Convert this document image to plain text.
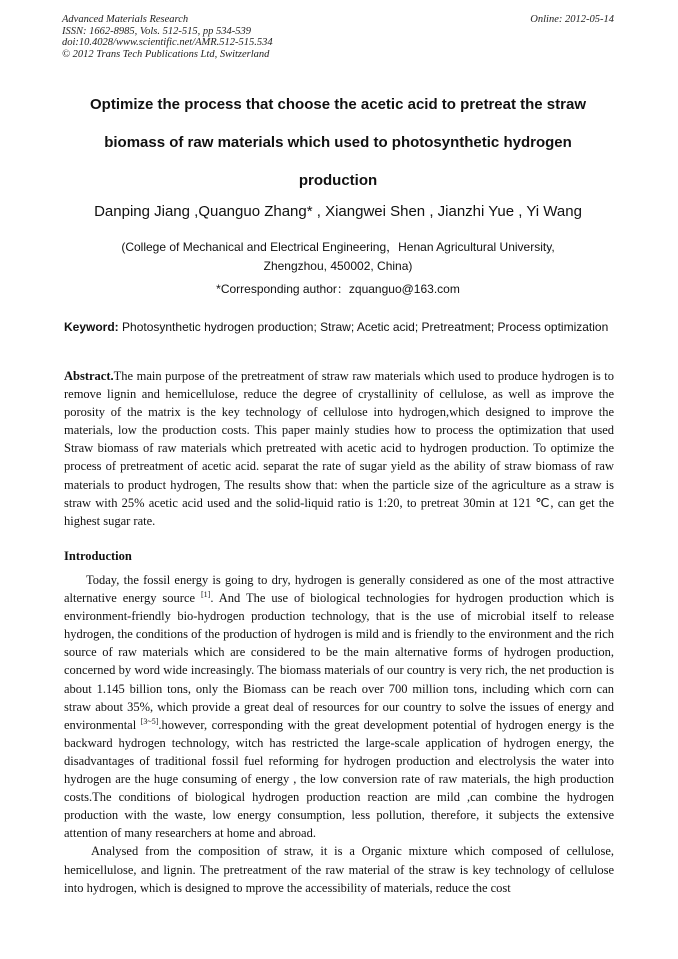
Advanced Materials Research
ISSN: 1662-8985, Vols. 512-515, pp 534-539
doi:10.4028/www.scientific.net/AMR.512-515.534
© 2012 Trans Tech Publications Ltd, Switzerland
Online: 2012-05-14
Optimize the process that choose the acetic acid to pretreat the straw
biomass of raw materials which used to photosynthetic hydrogen
production
Danping Jiang ,Quanguo Zhang* , Xiangwei Shen , Jianzhi Yue , Yi Wang
(College of Mechanical and Electrical Engineering，Henan Agricultural University,
Zhengzhou, 450002, China)
*Corresponding author：zquanguo@163.com
Keyword: Photosynthetic hydrogen production; Straw; Acetic acid; Pretreatment; Process optimization
Abstract.The main purpose of the pretreatment of straw raw materials which used to produce hydrogen is to remove lignin and hemicellulose, reduce the degree of crystallinity of cellulose, as well as improve the porosity of the matrix is the key technology of cellulose into hydrogen,which designed to improve the materials, low the production costs. This paper mainly studies how to process the optimization that used Straw biomass of raw materials which pretreated with acetic acid to hydrogen production. To optimize the process of pretreatment of acetic acid. separat the rate of sugar yield as the ability of straw biomass of raw materials to product hydrogen, The results show that: when the particle size of the agriculture as a straw is straw with 25% acetic acid used and the solid-liquid ratio is 1:20, to pretreat 30min at 121 ℃, can get the highest sugar rate.
Introduction

Today, the fossil energy is going to dry, hydrogen is generally considered as one of the most attractive alternative energy source [1]. And The use of biological technologies for hydrogen production which is environment-friendly bio-hydrogen production technology, that is the use of microbial itself to release hydrogen, the conditions of the production of hydrogen is mild and is friendly to the environment and the rich source of raw materials which are considered to be the main alternative forms of hydrogen production, concerned by word wide increasingly. The biomass materials of our country is very rich, the net production is about 1.145 billion tons, only the Biomass can be reach over 700 million tons, including which corn can straw about 35%, which provide a great deal of resources for our country to solve the issues of energy and environmental [3~5].however, corresponding with the great development potential of hydrogen energy is the backward hydrogen technology, witch has restricted the large-scale application of hydrogen energy, the disadvantages of traditional fossil fuel reforming for hydrogen production and electrolysis the water into hydrogen are the huge consuming of energy , the low conversion rate of raw materials, the high production costs.The conditions of biological hydrogen production reaction are mild ,can combine the hydrogen production with the waste, low energy consumption, less pollution, therefore, it subjects the extensive attention of many researchers at home and abroad.

Analysed from the composition of straw, it is a Organic mixture which composed of cellulose, hemicellulose, and lignin. The pretreatment of the raw material of the straw is key technology of cellulose into hydrogen, which is designed to mprove the accessibility of materials, reduce the cost
